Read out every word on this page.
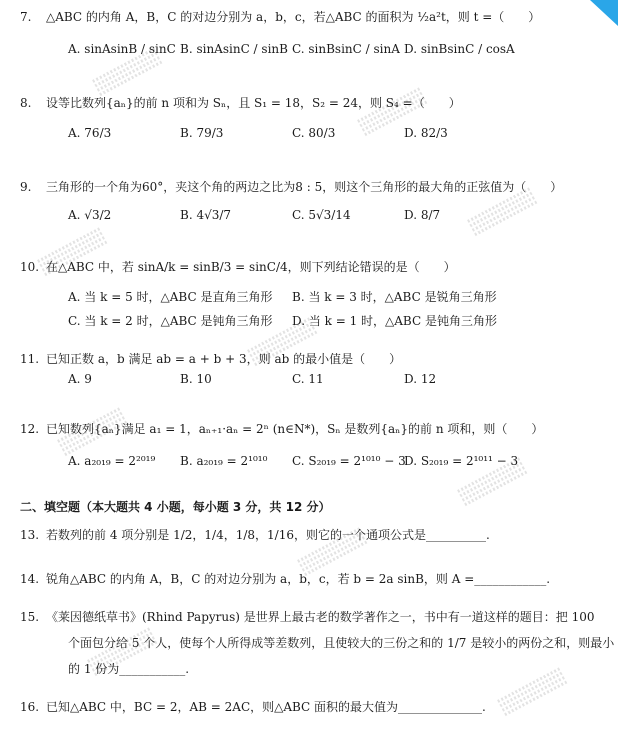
7. △ABC 的内角 A，B，C 的对边分别为 a，b，c，若△ABC 的面积为 ½a²t，则 t =（　　）
A. sinAsinB / sinC B. sinAsinC / sinB C. sinBsinC / sinA D. sinBsinC / cosA
8. 设等比数列{aₙ}的前 n 项和为 Sₙ，且 S₁ = 18，S₂ = 24，则 S₄ =（　　）
A. 76/3	B. 79/3	C. 80/3	D. 82/3
9. 三角形的一个角为60°，夹这个角的两边之比为8 : 5，则这个三角形的最大角的正弦值为（　　）
A. √3/2	B. 4√3/7	C. 5√3/14	D. 8/7
10. 在△ABC 中，若 sinA/k = sinB/3 = sinC/4，则下列结论错误的是（　　）
A. 当 k = 5 时，△ABC 是直角三角形 B. 当 k = 3 时，△ABC 是锐角三角形
C. 当 k = 2 时，△ABC 是钝角三角形 D. 当 k = 1 时，△ABC 是钝角三角形
11. 已知正数 a，b 满足 ab = a + b + 3，则 ab 的最小值是（　　）
A. 9	B. 10	C. 11	D. 12
12. 已知数列{aₙ}满足 a₁ = 1，aₙ₊₁·aₙ = 2ⁿ (n∈N*)，Sₙ 是数列{aₙ}的前 n 项和，则（　　）
A. a₂₀₁₉ = 2²⁰¹⁹ B. a₂₀₁₉ = 2¹⁰¹⁰ C. S₂₀₁₉ = 2¹⁰¹⁰ − 3
D. S₂₀₁₉ = 2¹⁰¹¹ − 3
二、填空题（本大题共 4 小题，每小题 3 分，共 12 分）
13. 若数列的前 4 项分别是 1/2，1/4，1/8，1/16，则它的一个通项公式是__________.
14. 锐角△ABC 的内角 A，B，C 的对边分别为 a，b，c，若 b = 2a sinB，则 A =____________.
15. 《莱因德纸草书》(Rhind Papyrus) 是世界上最古老的数学著作之一，书中有一道这样的题目：把 100
个面包分给 5 个人，使每个人所得成等差数列，且使较大的三份之和的 1/7 是较小的两份之和，则最小
的 1 份为___________.
16. 已知△ABC 中，BC = 2，AB = 2AC，则△ABC 面积的最大值为______________.
